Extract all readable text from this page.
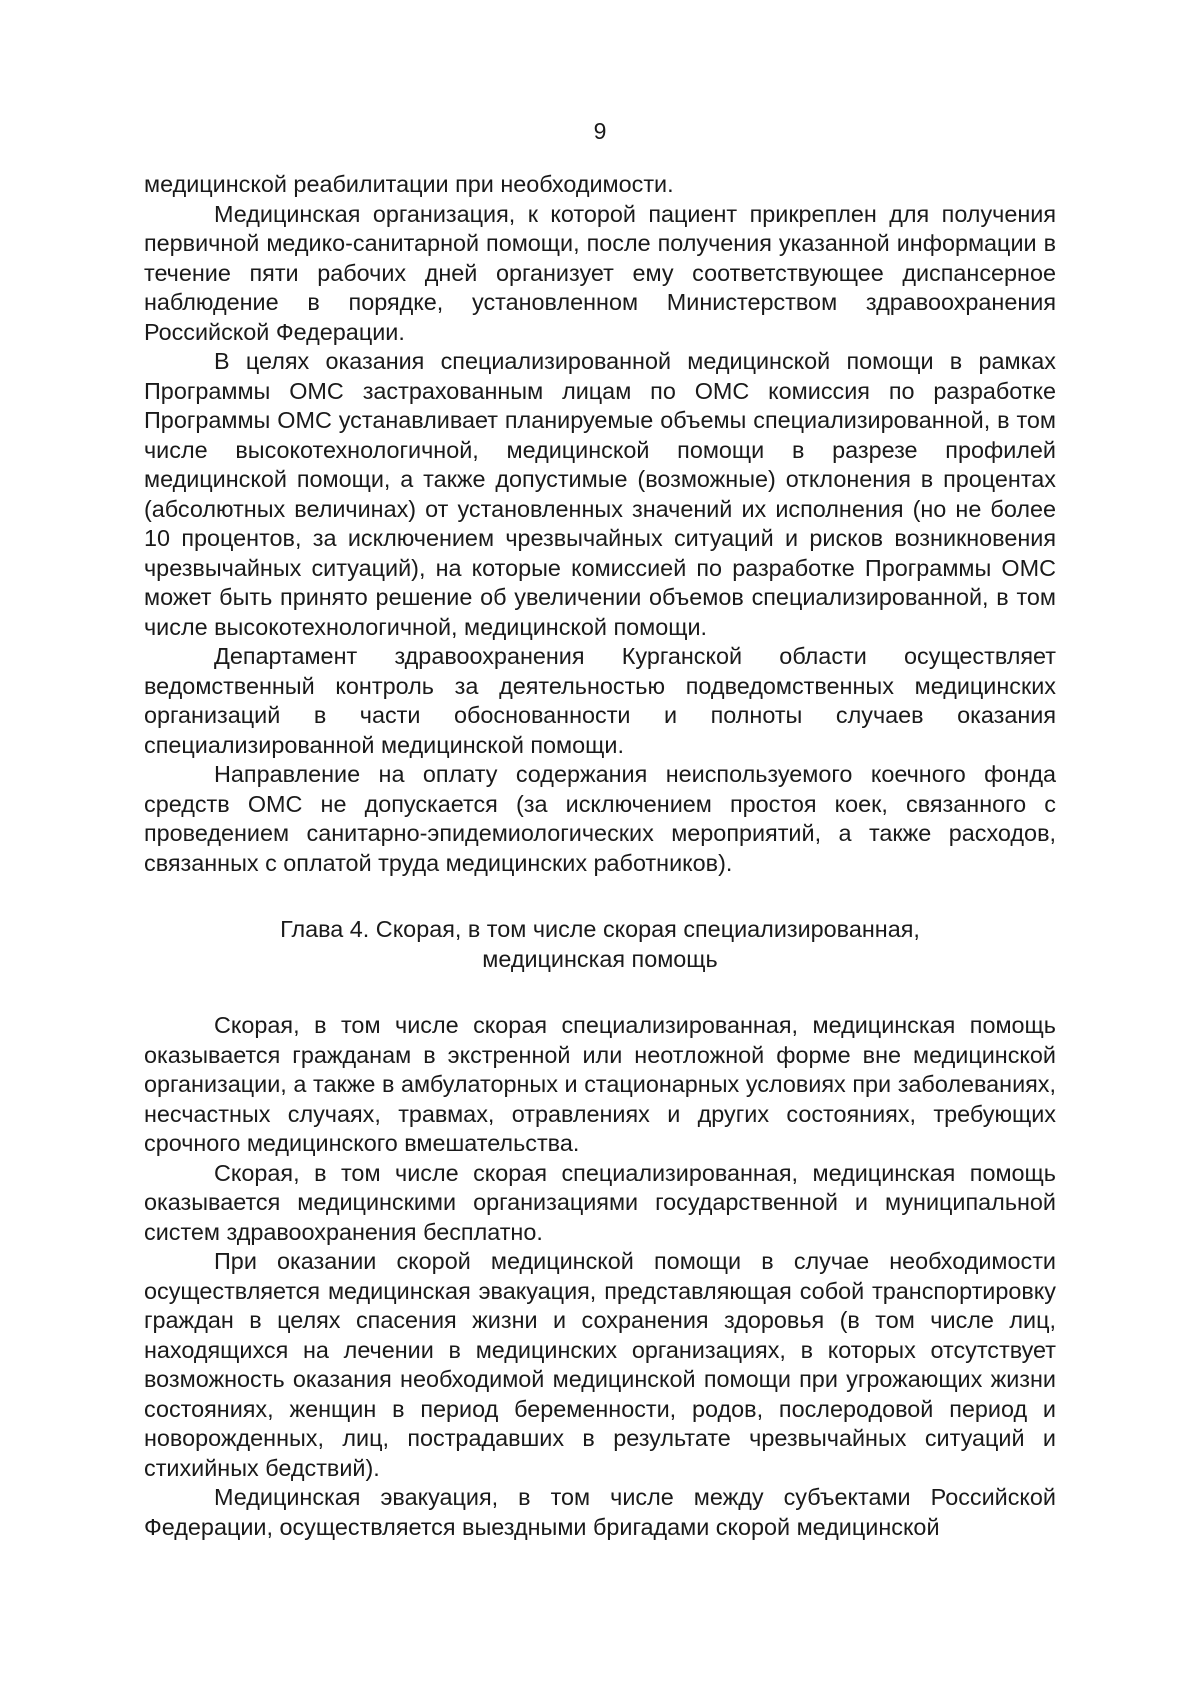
9

медицинской реабилитации при необходимости.

Медицинская организация, к которой пациент прикреплен для получения первичной медико-санитарной помощи, после получения указанной информации в течение пяти рабочих дней организует ему соответствующее диспансерное наблюдение в порядке, установленном Министерством здравоохранения Российской Федерации.

В целях оказания специализированной медицинской помощи в рамках Программы ОМС застрахованным лицам по ОМС комиссия по разработке Программы ОМС устанавливает планируемые объемы специализированной, в том числе высокотехнологичной, медицинской помощи в разрезе профилей медицинской помощи, а также допустимые (возможные) отклонения в процентах (абсолютных величинах) от установленных значений их исполнения (но не более 10 процентов, за исключением чрезвычайных ситуаций и рисков возникновения чрезвычайных ситуаций), на которые комиссией по разработке Программы ОМС может быть принято решение об увеличении объемов специализированной, в том числе высокотехнологичной, медицинской помощи.

Департамент здравоохранения Курганской области осуществляет ведомственный контроль за деятельностью подведомственных медицинских организаций в части обоснованности и полноты случаев оказания специализированной медицинской помощи.

Направление на оплату содержания неиспользуемого коечного фонда средств ОМС не допускается (за исключением простоя коек, связанного с проведением санитарно-эпидемиологических мероприятий, а также расходов, связанных с оплатой труда медицинских работников).

Глава 4. Скорая, в том числе скорая специализированная,
медицинская помощь

Скорая, в том числе скорая специализированная, медицинская помощь оказывается гражданам в экстренной или неотложной форме вне медицинской организации, а также в амбулаторных и стационарных условиях при заболеваниях, несчастных случаях, травмах, отравлениях и других состояниях, требующих срочного медицинского вмешательства.

Скорая, в том числе скорая специализированная, медицинская помощь оказывается медицинскими организациями государственной и муниципальной систем здравоохранения бесплатно.

При оказании скорой медицинской помощи в случае необходимости осуществляется медицинская эвакуация, представляющая собой транспортировку граждан в целях спасения жизни и сохранения здоровья (в том числе лиц, находящихся на лечении в медицинских организациях, в которых отсутствует возможность оказания необходимой медицинской помощи при угрожающих жизни состояниях, женщин в период беременности, родов, послеродовой период и новорожденных, лиц, пострадавших в результате чрезвычайных ситуаций и стихийных бедствий).

Медицинская эвакуация, в том числе между субъектами Российской Федерации, осуществляется выездными бригадами скорой медицинской
